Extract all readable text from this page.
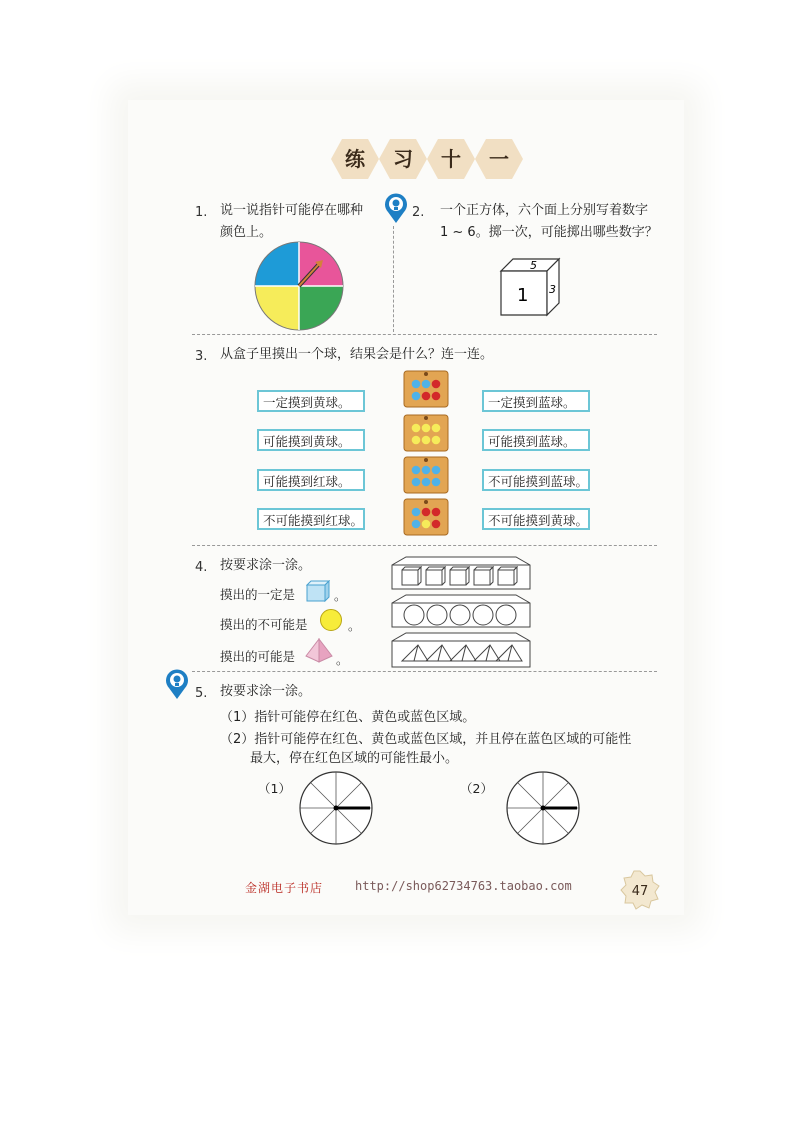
练	习	十	一
1. 说一说指针可能停在哪种
颜色上。
2. 一个正方体，六个面上分别写着数字
1 ~ 6。掷一次，可能掷出哪些数字？
5
1 3
3. 从盒子里摸出一个球，结果会是什么？连一连。
一定摸到黄球。
可能摸到黄球。
可能摸到红球。
不可能摸到红球。
一定摸到蓝球。
可能摸到蓝球。
不可能摸到蓝球。
不可能摸到黄球。
4. 按要求涂一涂。
摸出的一定是	。
摸出的不可能是	。
摸出的可能是	。
5. 按要求涂一涂。
（1）指针可能停在红色、黄色或蓝色区域。
（2）指针可能停在红色、黄色或蓝色区域，并且停在蓝色区域的可能性
最大，停在红色区域的可能性最小。
（1）	（2）
金湖电子书店	http://shop62734763.taobao.com	47
